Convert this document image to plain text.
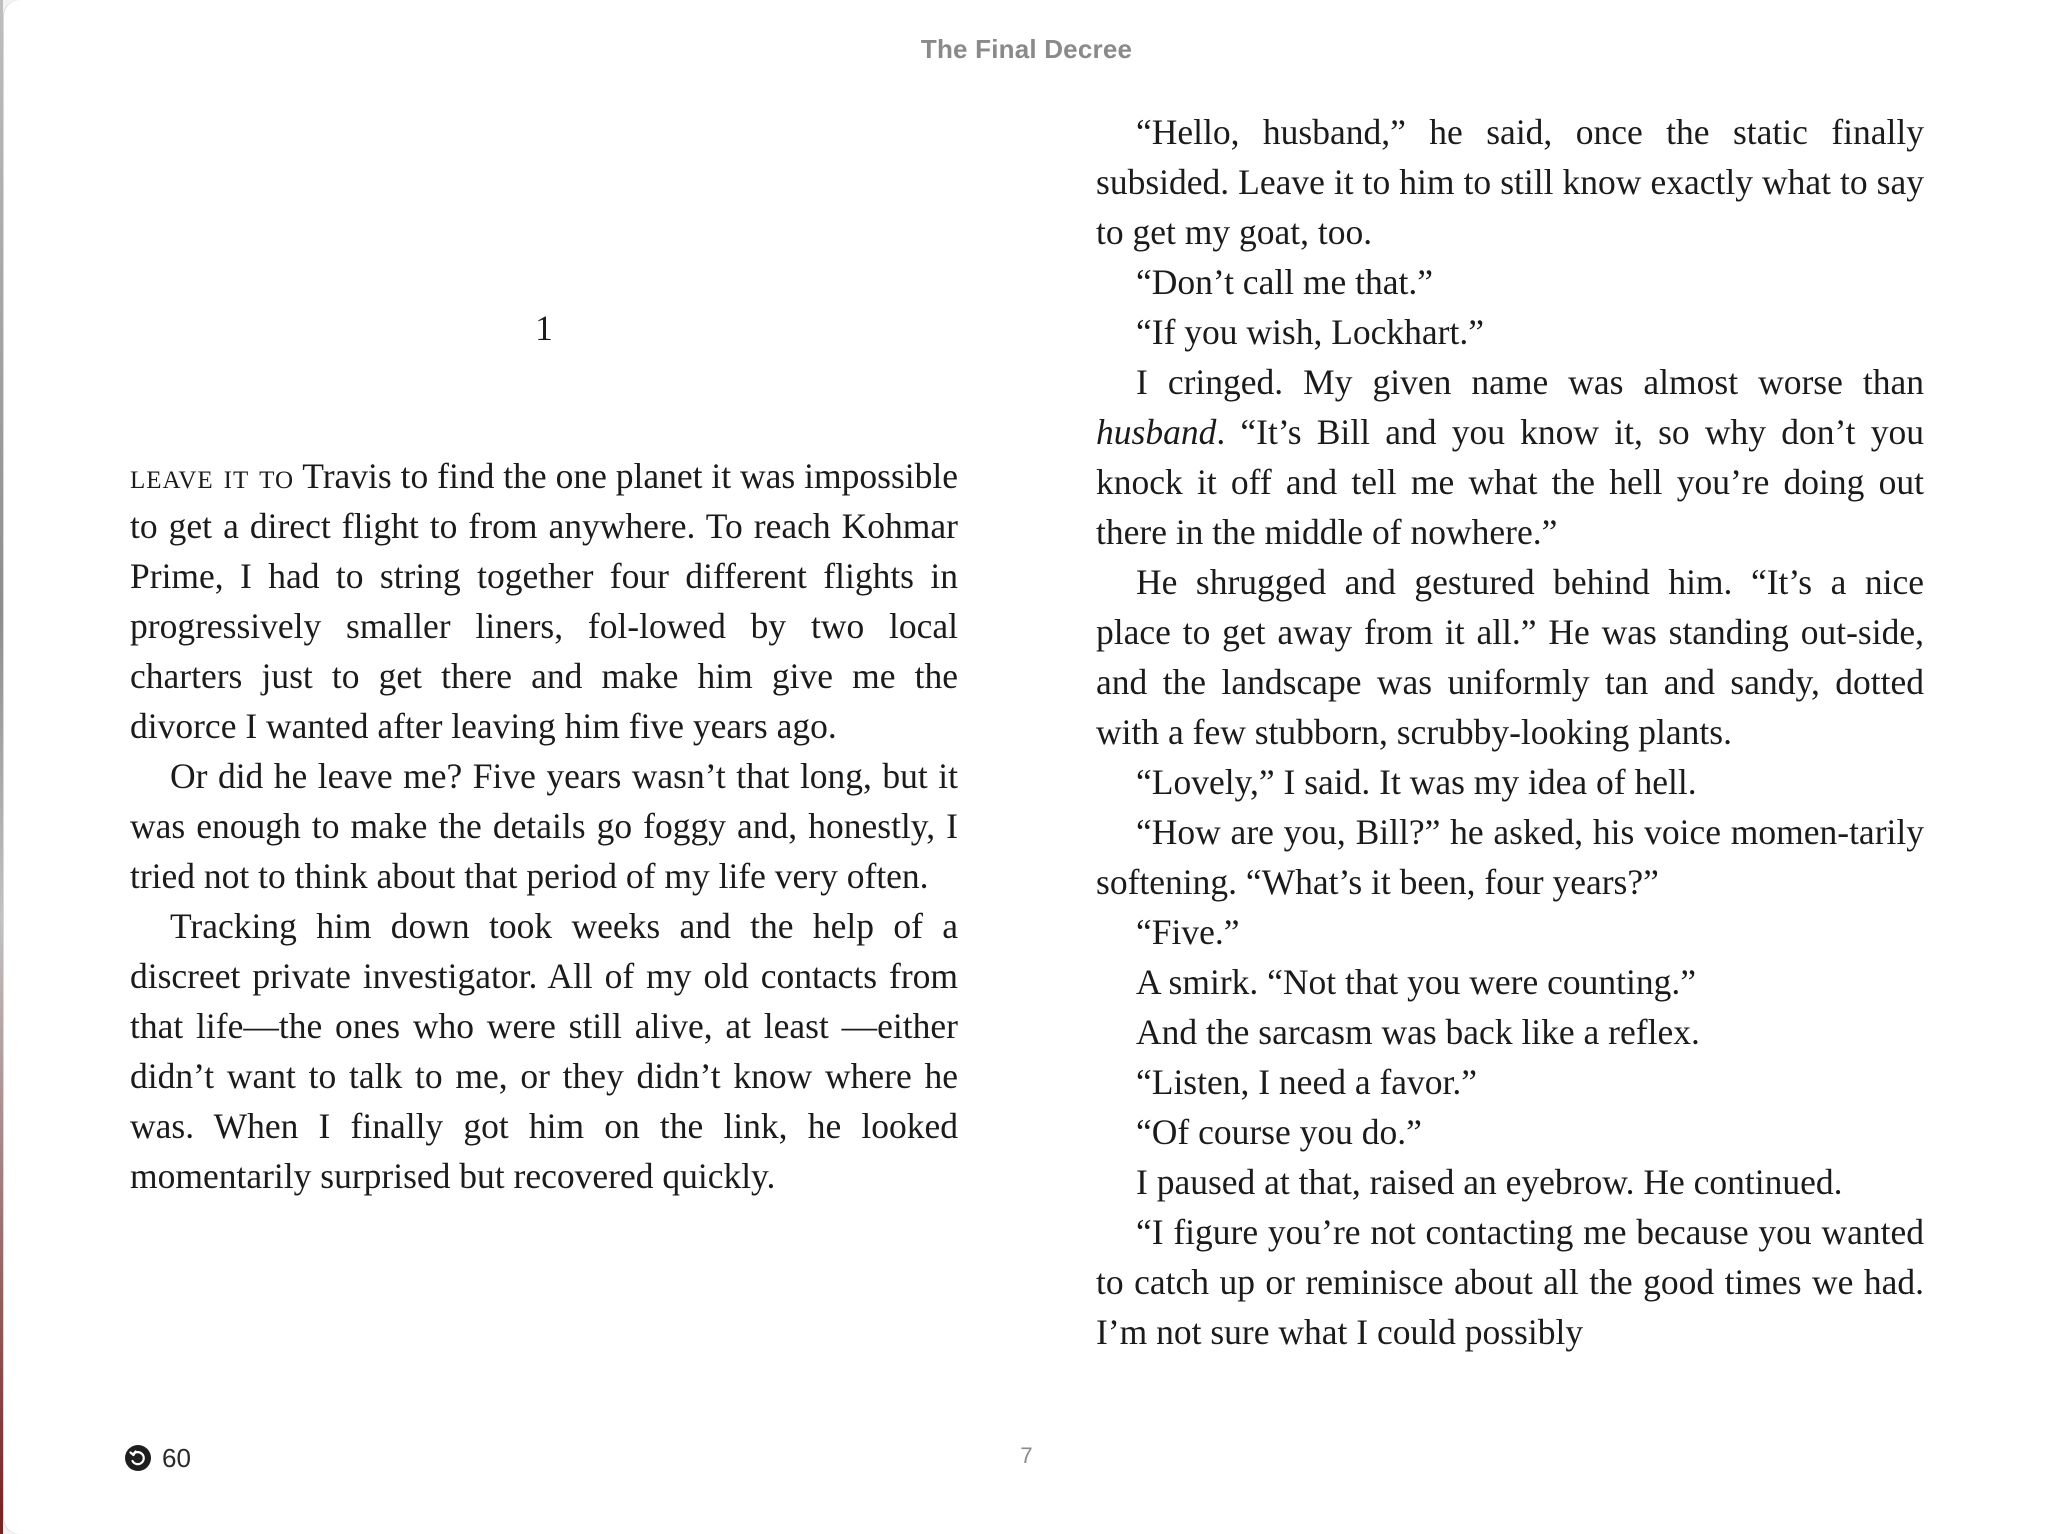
The Final Decree
1

leave it to Travis to find the one planet it was impossible to get a direct flight to from anywhere. To reach Kohmar Prime, I had to string together four different flights in progressively smaller liners, fol-lowed by two local charters just to get there and make him give me the divorce I wanted after leaving him five years ago.

Or did he leave me? Five years wasn’t that long, but it was enough to make the details go foggy and, honestly, I tried not to think about that period of my life very often.

Tracking him down took weeks and the help of a discreet private investigator. All of my old contacts from that life—the ones who were still alive, at least —either didn’t want to talk to me, or they didn’t know where he was. When I finally got him on the link, he looked momentarily surprised but recovered quickly.

“Hello, husband,” he said, once the static finally subsided. Leave it to him to still know exactly what to say to get my goat, too.

“Don’t call me that.”

“If you wish, Lockhart.”

I cringed. My given name was almost worse than husband. “It’s Bill and you know it, so why don’t you knock it off and tell me what the hell you’re doing out there in the middle of nowhere.”

He shrugged and gestured behind him. “It’s a nice place to get away from it all.” He was standing out-side, and the landscape was uniformly tan and sandy, dotted with a few stubborn, scrubby-looking plants.

“Lovely,” I said. It was my idea of hell.

“How are you, Bill?” he asked, his voice momen-tarily softening. “What’s it been, four years?”

“Five.”

A smirk. “Not that you were counting.”

And the sarcasm was back like a reflex.

“Listen, I need a favor.”

“Of course you do.”

I paused at that, raised an eyebrow. He continued.

“I figure you’re not contacting me because you wanted to catch up or reminisce about all the good times we had. I’m not sure what I could possibly

60	7
